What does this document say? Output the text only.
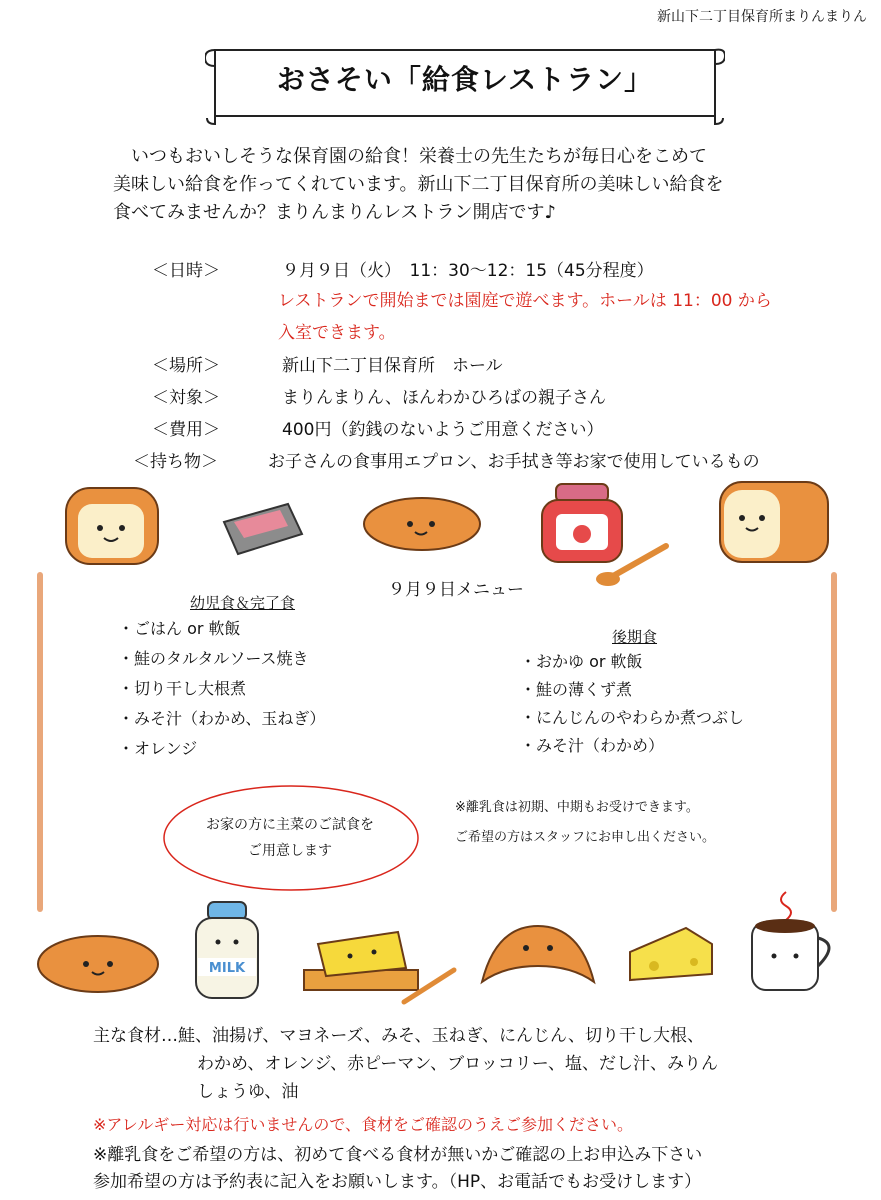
新山下二丁目保育所まりんまりん
おさそい「給食レストラン」
　いつもおいしそうな保育園の給食！栄養士の先生たちが毎日心をこめて
美味しい給食を作ってくれています。新山下二丁目保育所の美味しい給食を
食べてみませんか？まりんまりんレストラン開店です♪
＜日時＞	９月９日（火）　11：30〜12：15（45分程度）
レストランで開始までは園庭で遊べます。ホールは 11：00 から
入室できます。
＜場所＞	新山下二丁目保育所　ホール
＜対象＞	まりんまりん、ほんわかひろばの親子さん
＜費用＞	400円（釣銭のないようご用意ください）
＜持ち物＞	お子さんの食事用エプロン、お手拭き等お家で使用しているもの
９月９日メニュー
幼児食＆完了食
・ごはん or 軟飯
・鮭のタルタルソース焼き
・切り干し大根煮
・みそ汁（わかめ、玉ねぎ）
・オレンジ
後期食
・おかゆ or 軟飯
・鮭の薄くず煮
・にんじんのやわらか煮つぶし
・みそ汁（わかめ）
お家の方に主菜のご試食を
ご用意します
※離乳食は初期、中期もお受けできます。
ご希望の方はスタッフにお申し出ください。
MILK
主な食材…鮭、油揚げ、マヨネーズ、みそ、玉ねぎ、にんじん、切り干し大根、
わかめ、オレンジ、赤ピーマン、ブロッコリー、塩、だし汁、みりん
しょうゆ、油
※アレルギー対応は行いませんので、食材をご確認のうえご参加ください。
※離乳食をご希望の方は、初めて食べる食材が無いかご確認の上お申込み下さい
参加希望の方は予約表に記入をお願いします。（HP、お電話でもお受けします）
